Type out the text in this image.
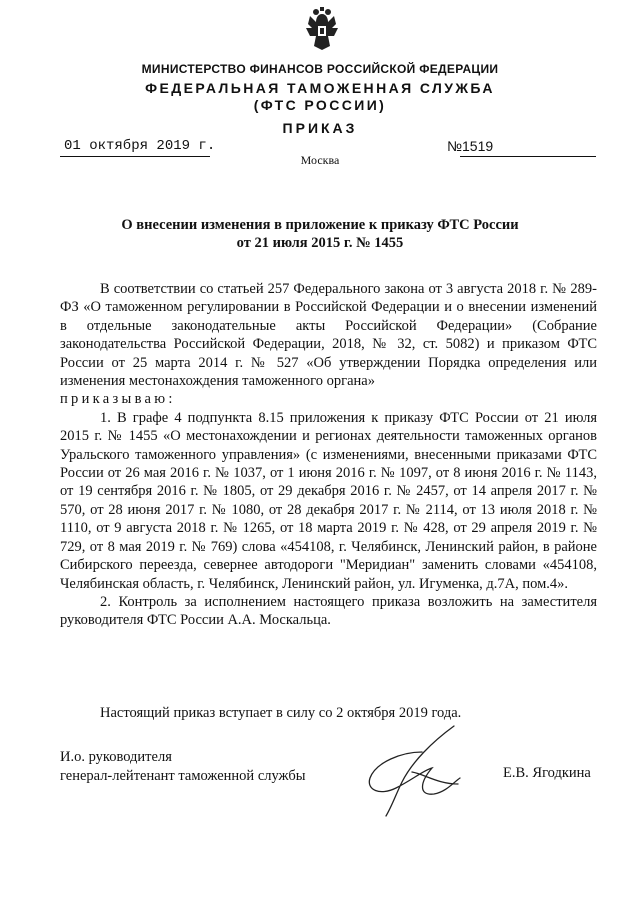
МИНИСТЕРСТВО ФИНАНСОВ РОССИЙСКОЙ ФЕДЕРАЦИИ
ФЕДЕРАЛЬНАЯ ТАМОЖЕННАЯ СЛУЖБА
(ФТС РОССИИ)
ПРИКАЗ
01 октября 2019 г.	№1519
Москва
О внесении изменения в приложение к приказу ФТС России
от 21 июля 2015 г. № 1455

В соответствии со статьей 257 Федерального закона от 3 августа 2018 г. № 289-ФЗ «О таможенном регулировании в Российской Федерации и о внесении изменений в отдельные законодательные акты Российской Федерации» (Собрание законодательства Российской Федерации, 2018, № 32, ст. 5082) и приказом ФТС России от 25 марта 2014 г. № 527 «Об утверждении Порядка определения или изменения местонахождения таможенного органа»

приказываю:

1. В графе 4 подпункта 8.15 приложения к приказу ФТС России от 21 июля 2015 г. № 1455 «О местонахождении и регионах деятельности таможенных органов Уральского таможенного управления» (с изменениями, внесенными приказами ФТС России от 26 мая 2016 г. № 1037, от 1 июня 2016 г. № 1097, от 8 июня 2016 г. № 1143, от 19 сентября 2016 г. № 1805, от 29 декабря 2016 г. № 2457, от 14 апреля 2017 г. № 570, от 28 июня 2017 г. № 1080, от 28 декабря 2017 г. № 2114, от 13 июля 2018 г. № 1110, от 9 августа 2018 г. № 1265, от 18 марта 2019 г. № 428, от 29 апреля 2019 г. № 729, от 8 мая 2019 г. № 769) слова «454108, г. Челябинск, Ленинский район, в районе Сибирского переезда, севернее автодороги "Меридиан" заменить словами «454108, Челябинская область, г. Челябинск, Ленинский район, ул. Игуменка, д.7А, пом.4».

2. Контроль за исполнением настоящего приказа возложить на заместителя руководителя ФТС России А.А. Москальца.

Настоящий приказ вступает в силу со 2 октября 2019 года.
И.о. руководителя
генерал-лейтенант таможенной службы	Е.В. Ягодкина
